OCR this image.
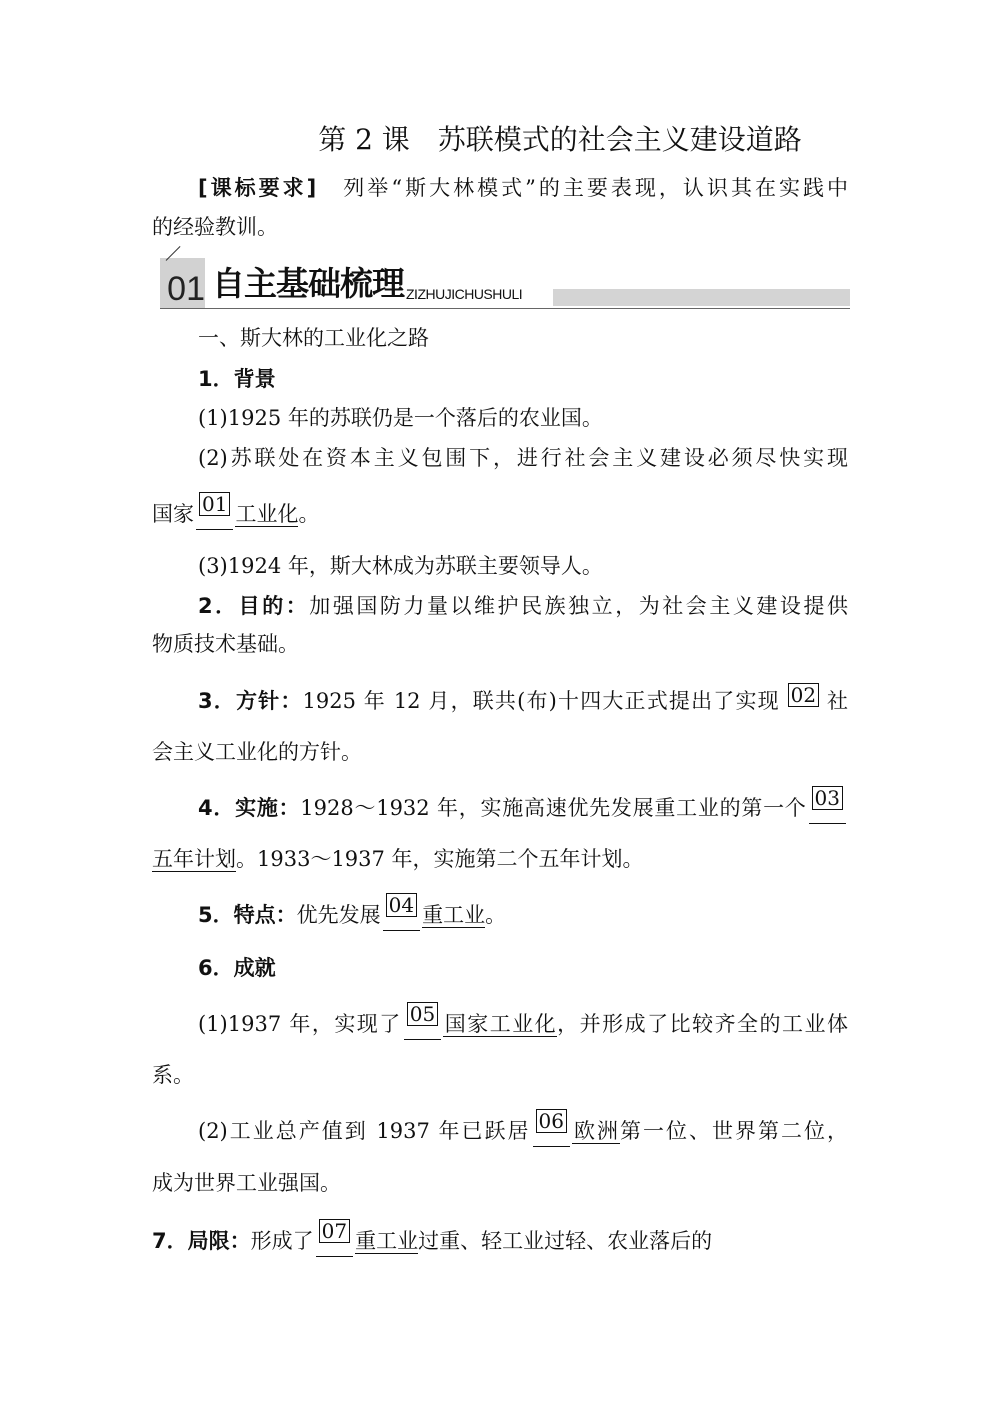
第 2 课　苏联模式的社会主义建设道路
[课标要求]　 列举“斯大林模式”的主要表现，认识其在实践中
的经验教训。
01 自主基础梳理 ZIZHUJICHUSHULI
一、斯大林的工业化之路
1．背景
(1)1925 年的苏联仍是一个落后的农业国。
(2)苏联处在资本主义包围下，进行社会主义建设必须尽快实现
国家 01 工业化。
(3)1924 年，斯大林成为苏联主要领导人。
2．目的：加强国防力量以维护民族独立，为社会主义建设提供
物质技术基础。
3．方针：1925 年 12 月，联共(布)十四大正式提出了实现 02 社
会主义工业化的方针。
4．实施：1928～1932 年，实施高速优先发展重工业的第一个 03
五年计划。1933～1937 年，实施第二个五年计划。
5．特点：优先发展 04 重工业。
6．成就
(1)1937 年，实现了 05 国家工业化，并形成了比较齐全的工业体
系。
(2)工业总产值到 1937 年已跃居 06 欧洲第一位、世界第二位，
成为世界工业强国。
7．局限：形成了 07 重工业过重、轻工业过轻、农业落后的
